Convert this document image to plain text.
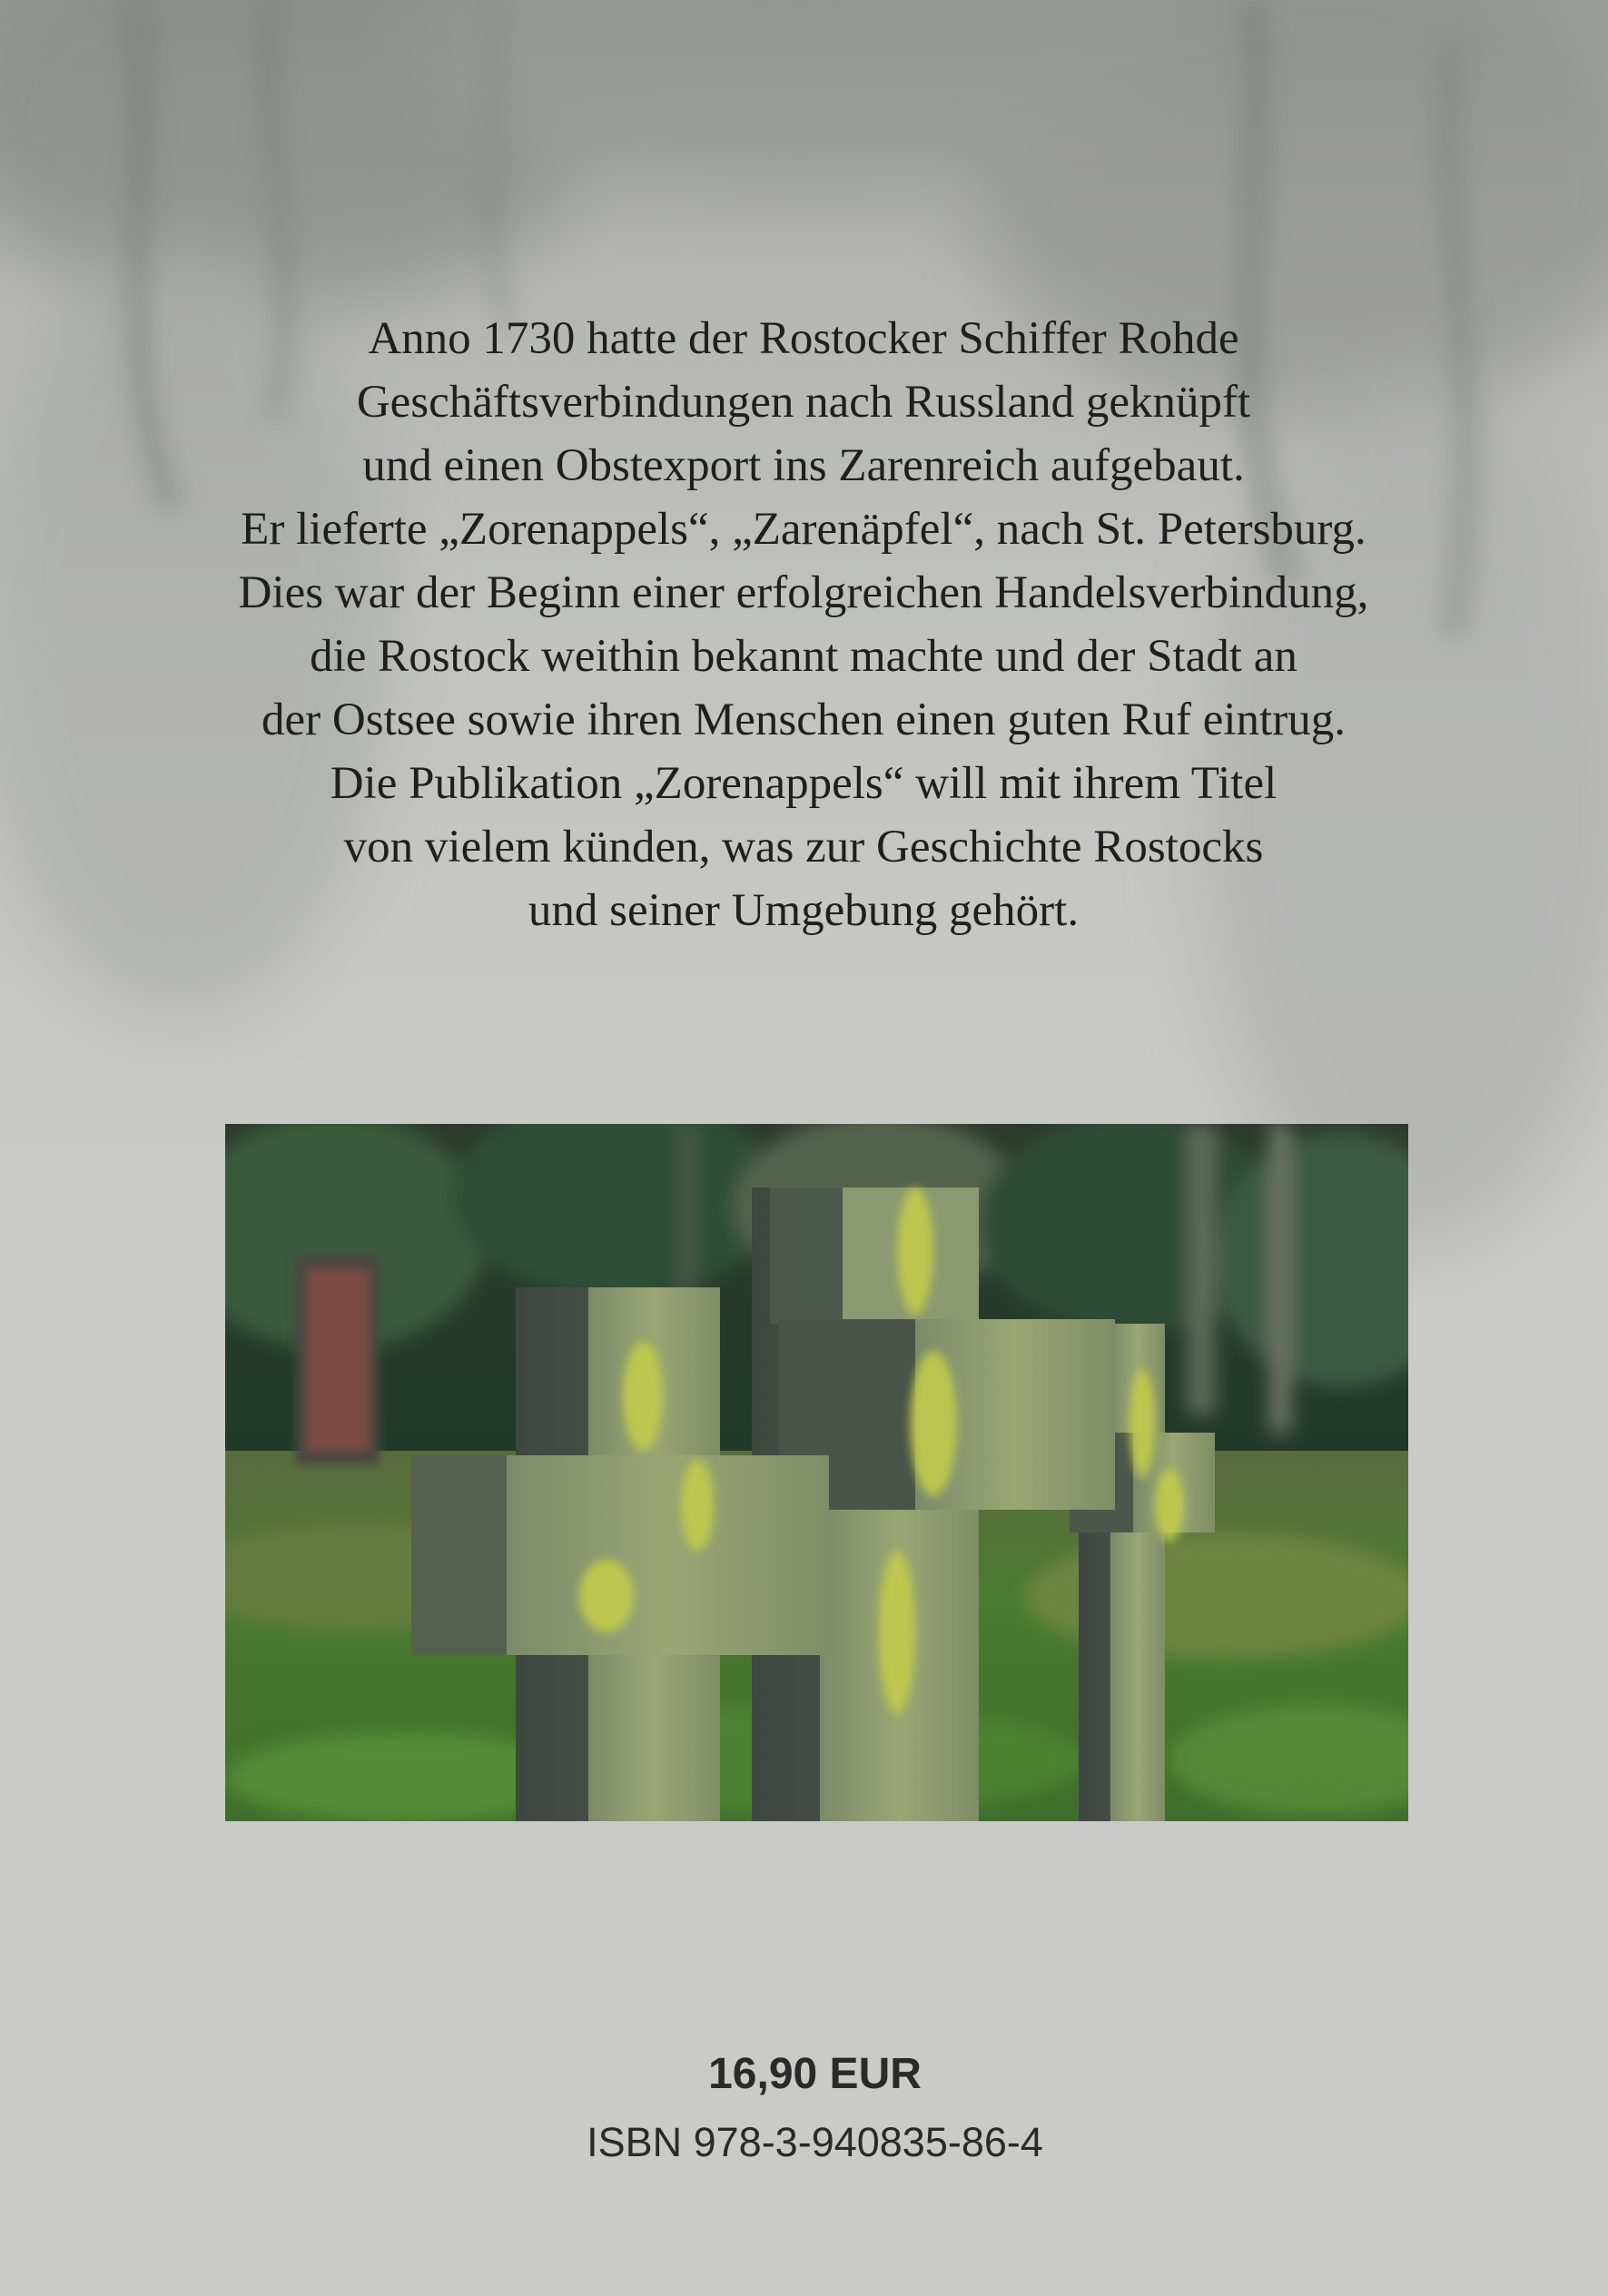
Anno 1730 hatte der Rostocker Schiffer Rohde
Geschäftsverbindungen nach Russland geknüpft
und einen Obstexport ins Zarenreich aufgebaut.
Er lieferte „Zorenappels“, „Zarenäpfel“, nach St. Petersburg.
Dies war der Beginn einer erfolgreichen Handelsverbindung,
die Rostock weithin bekannt machte und der Stadt an
der Ostsee sowie ihren Menschen einen guten Ruf eintrug.
Die Publikation „Zorenappels“ will mit ihrem Titel
von vielem künden, was zur Geschichte Rostocks
und seiner Umgebung gehört.

16,90 EUR
ISBN 978-3-940835-86-4
